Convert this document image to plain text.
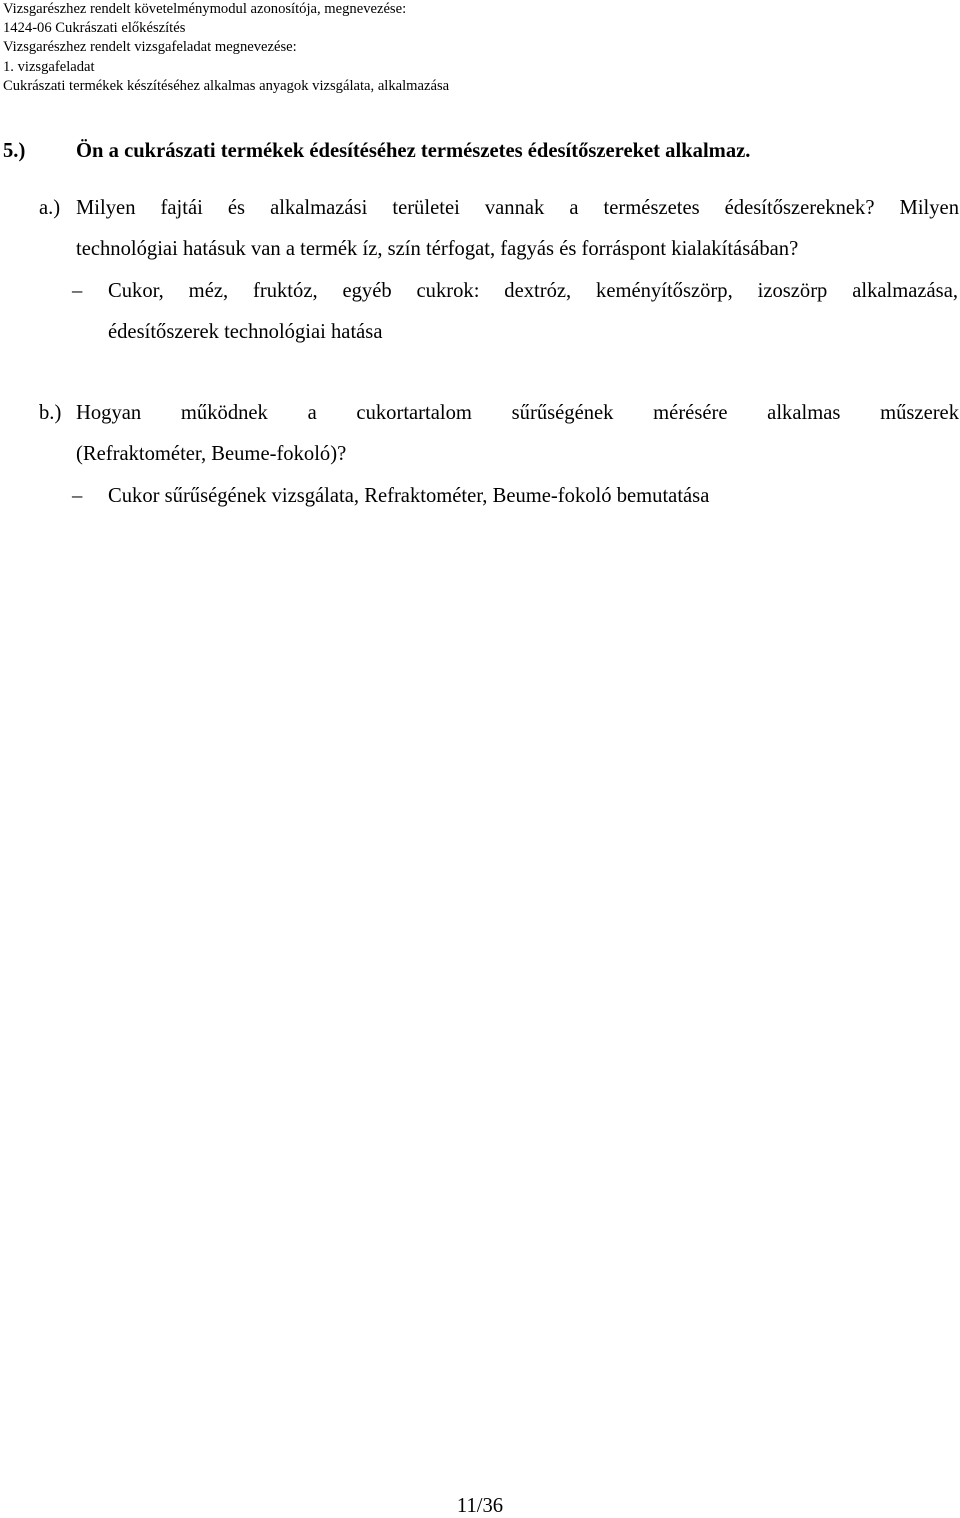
Vizsgarészhez rendelt követelménymodul azonosítója, megnevezése:
1424-06 Cukrászati előkészítés
Vizsgarészhez rendelt vizsgafeladat megnevezése:
1. vizsgafeladat
Cukrászati termékek készítéséhez alkalmas anyagok vizsgálata, alkalmazása
5.) Ön a cukrászati termékek édesítéséhez természetes édesítőszereket alkalmaz.
a.) Milyen fajtái és alkalmazási területei vannak a természetes édesítőszereknek? Milyen
technológiai hatásuk van a termék íz, szín térfogat, fagyás és forráspont kialakításában?
–	Cukor, méz, fruktóz, egyéb cukrok: dextróz, keményítőszörp, izoszörp alkalmazása,
édesítőszerek technológiai hatása
b.) Hogyan működnek a cukortartalom sűrűségének mérésére alkalmas műszerek
(Refraktométer, Beume-fokoló)?
– Cukor sűrűségének vizsgálata, Refraktométer, Beume-fokoló bemutatása
11/36
